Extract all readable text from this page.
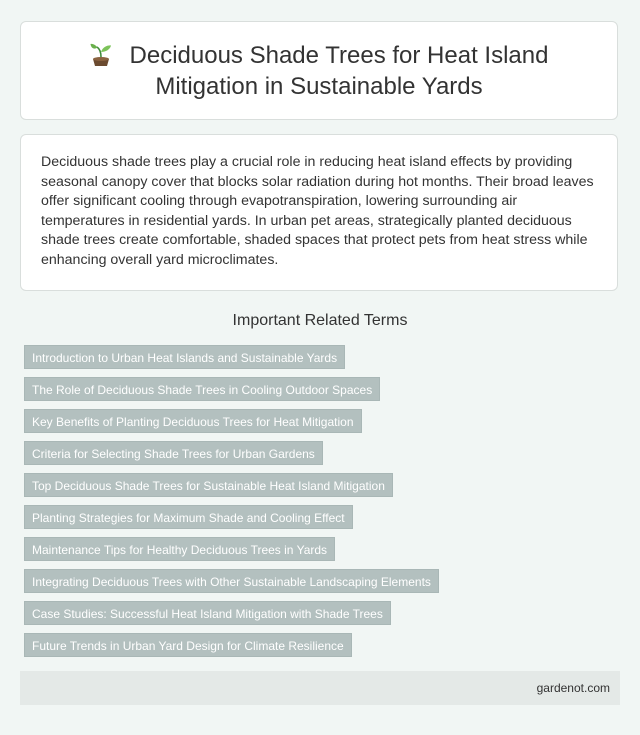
Deciduous Shade Trees for Heat Island Mitigation in Sustainable Yards

Deciduous shade trees play a crucial role in reducing heat island effects by providing seasonal canopy cover that blocks solar radiation during hot months. Their broad leaves offer significant cooling through evapotranspiration, lowering surrounding air temperatures in residential yards. In urban pet areas, strategically planted deciduous shade trees create comfortable, shaded spaces that protect pets from heat stress while enhancing overall yard microclimates.

Important Related Terms
Introduction to Urban Heat Islands and Sustainable Yards
The Role of Deciduous Shade Trees in Cooling Outdoor Spaces
Key Benefits of Planting Deciduous Trees for Heat Mitigation
Criteria for Selecting Shade Trees for Urban Gardens
Top Deciduous Shade Trees for Sustainable Heat Island Mitigation
Planting Strategies for Maximum Shade and Cooling Effect
Maintenance Tips for Healthy Deciduous Trees in Yards
Integrating Deciduous Trees with Other Sustainable Landscaping Elements
Case Studies: Successful Heat Island Mitigation with Shade Trees
Future Trends in Urban Yard Design for Climate Resilience
gardenot.com
